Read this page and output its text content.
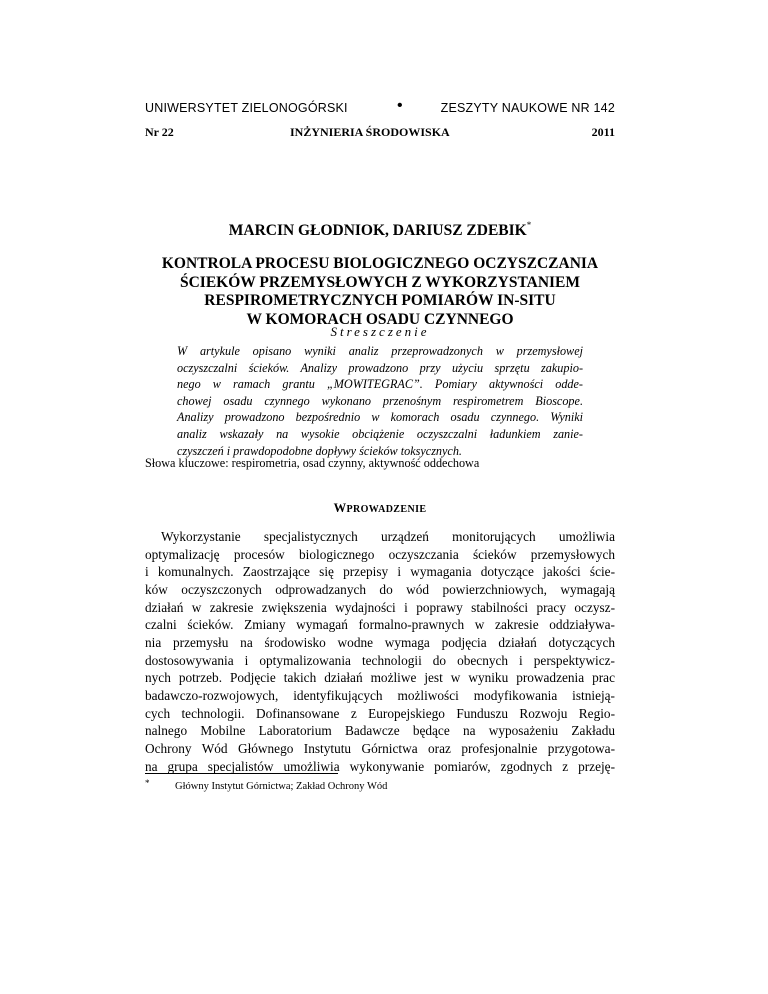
UNIWERSYTET ZIELONOGÓRSKI	•	ZESZYTY NAUKOWE NR 142
Nr 22	INŻYNIERIA ŚRODOWISKA	2011
MARCIN GŁODNIOK, DARIUSZ ZDEBIK*
KONTROLA PROCESU BIOLOGICZNEGO OCZYSZCZANIA
ŚCIEKÓW PRZEMYSŁOWYCH Z WYKORZYSTANIEM
RESPIROMETRYCZNYCH POMIARÓW IN-SITU
W KOMORACH OSADU CZYNNEGO
Streszczenie
W artykule opisano wyniki analiz przeprowadzonych w przemysłowej
oczyszczalni ścieków. Analizy prowadzono przy użyciu sprzętu zakupio-
nego w ramach grantu „MOWITEGRAC”. Pomiary aktywności odde-
chowej osadu czynnego wykonano przenośnym respirometrem Bioscope.
Analizy prowadzono bezpośrednio w komorach osadu czynnego. Wyniki
analiz wskazały na wysokie obciążenie oczyszczalni ładunkiem zanie-
czyszczeń i prawdopodobne dopływy ścieków toksycznych.
Słowa kluczowe: respirometria, osad czynny, aktywność oddechowa
WPROWADZENIE
Wykorzystanie specjalistycznych urządzeń monitorujących umożliwia
optymalizację procesów biologicznego oczyszczania ścieków przemysłowych
i komunalnych. Zaostrzające się przepisy i wymagania dotyczące jakości ście-
ków oczyszczonych odprowadzanych do wód powierzchniowych, wymagają
działań w zakresie zwiększenia wydajności i poprawy stabilności pracy oczysz-
czalni ścieków. Zmiany wymagań formalno-prawnych w zakresie oddziaływa-
nia przemysłu na środowisko wodne wymaga podjęcia działań dotyczących
dostosowywania i optymalizowania technologii do obecnych i perspektywicz-
nych potrzeb. Podjęcie takich działań możliwe jest w wyniku prowadzenia prac
badawczo-rozwojowych, identyfikujących możliwości modyfikowania istnieją-
cych technologii. Dofinansowane z Europejskiego Funduszu Rozwoju Regio-
nalnego Mobilne Laboratorium Badawcze będące na wyposażeniu Zakładu
Ochrony Wód Głównego Instytutu Górnictwa oraz profesjonalnie przygotowa-
na grupa specjalistów umożliwia wykonywanie pomiarów, zgodnych z przeję-
* Główny Instytut Górnictwa; Zakład Ochrony Wód
